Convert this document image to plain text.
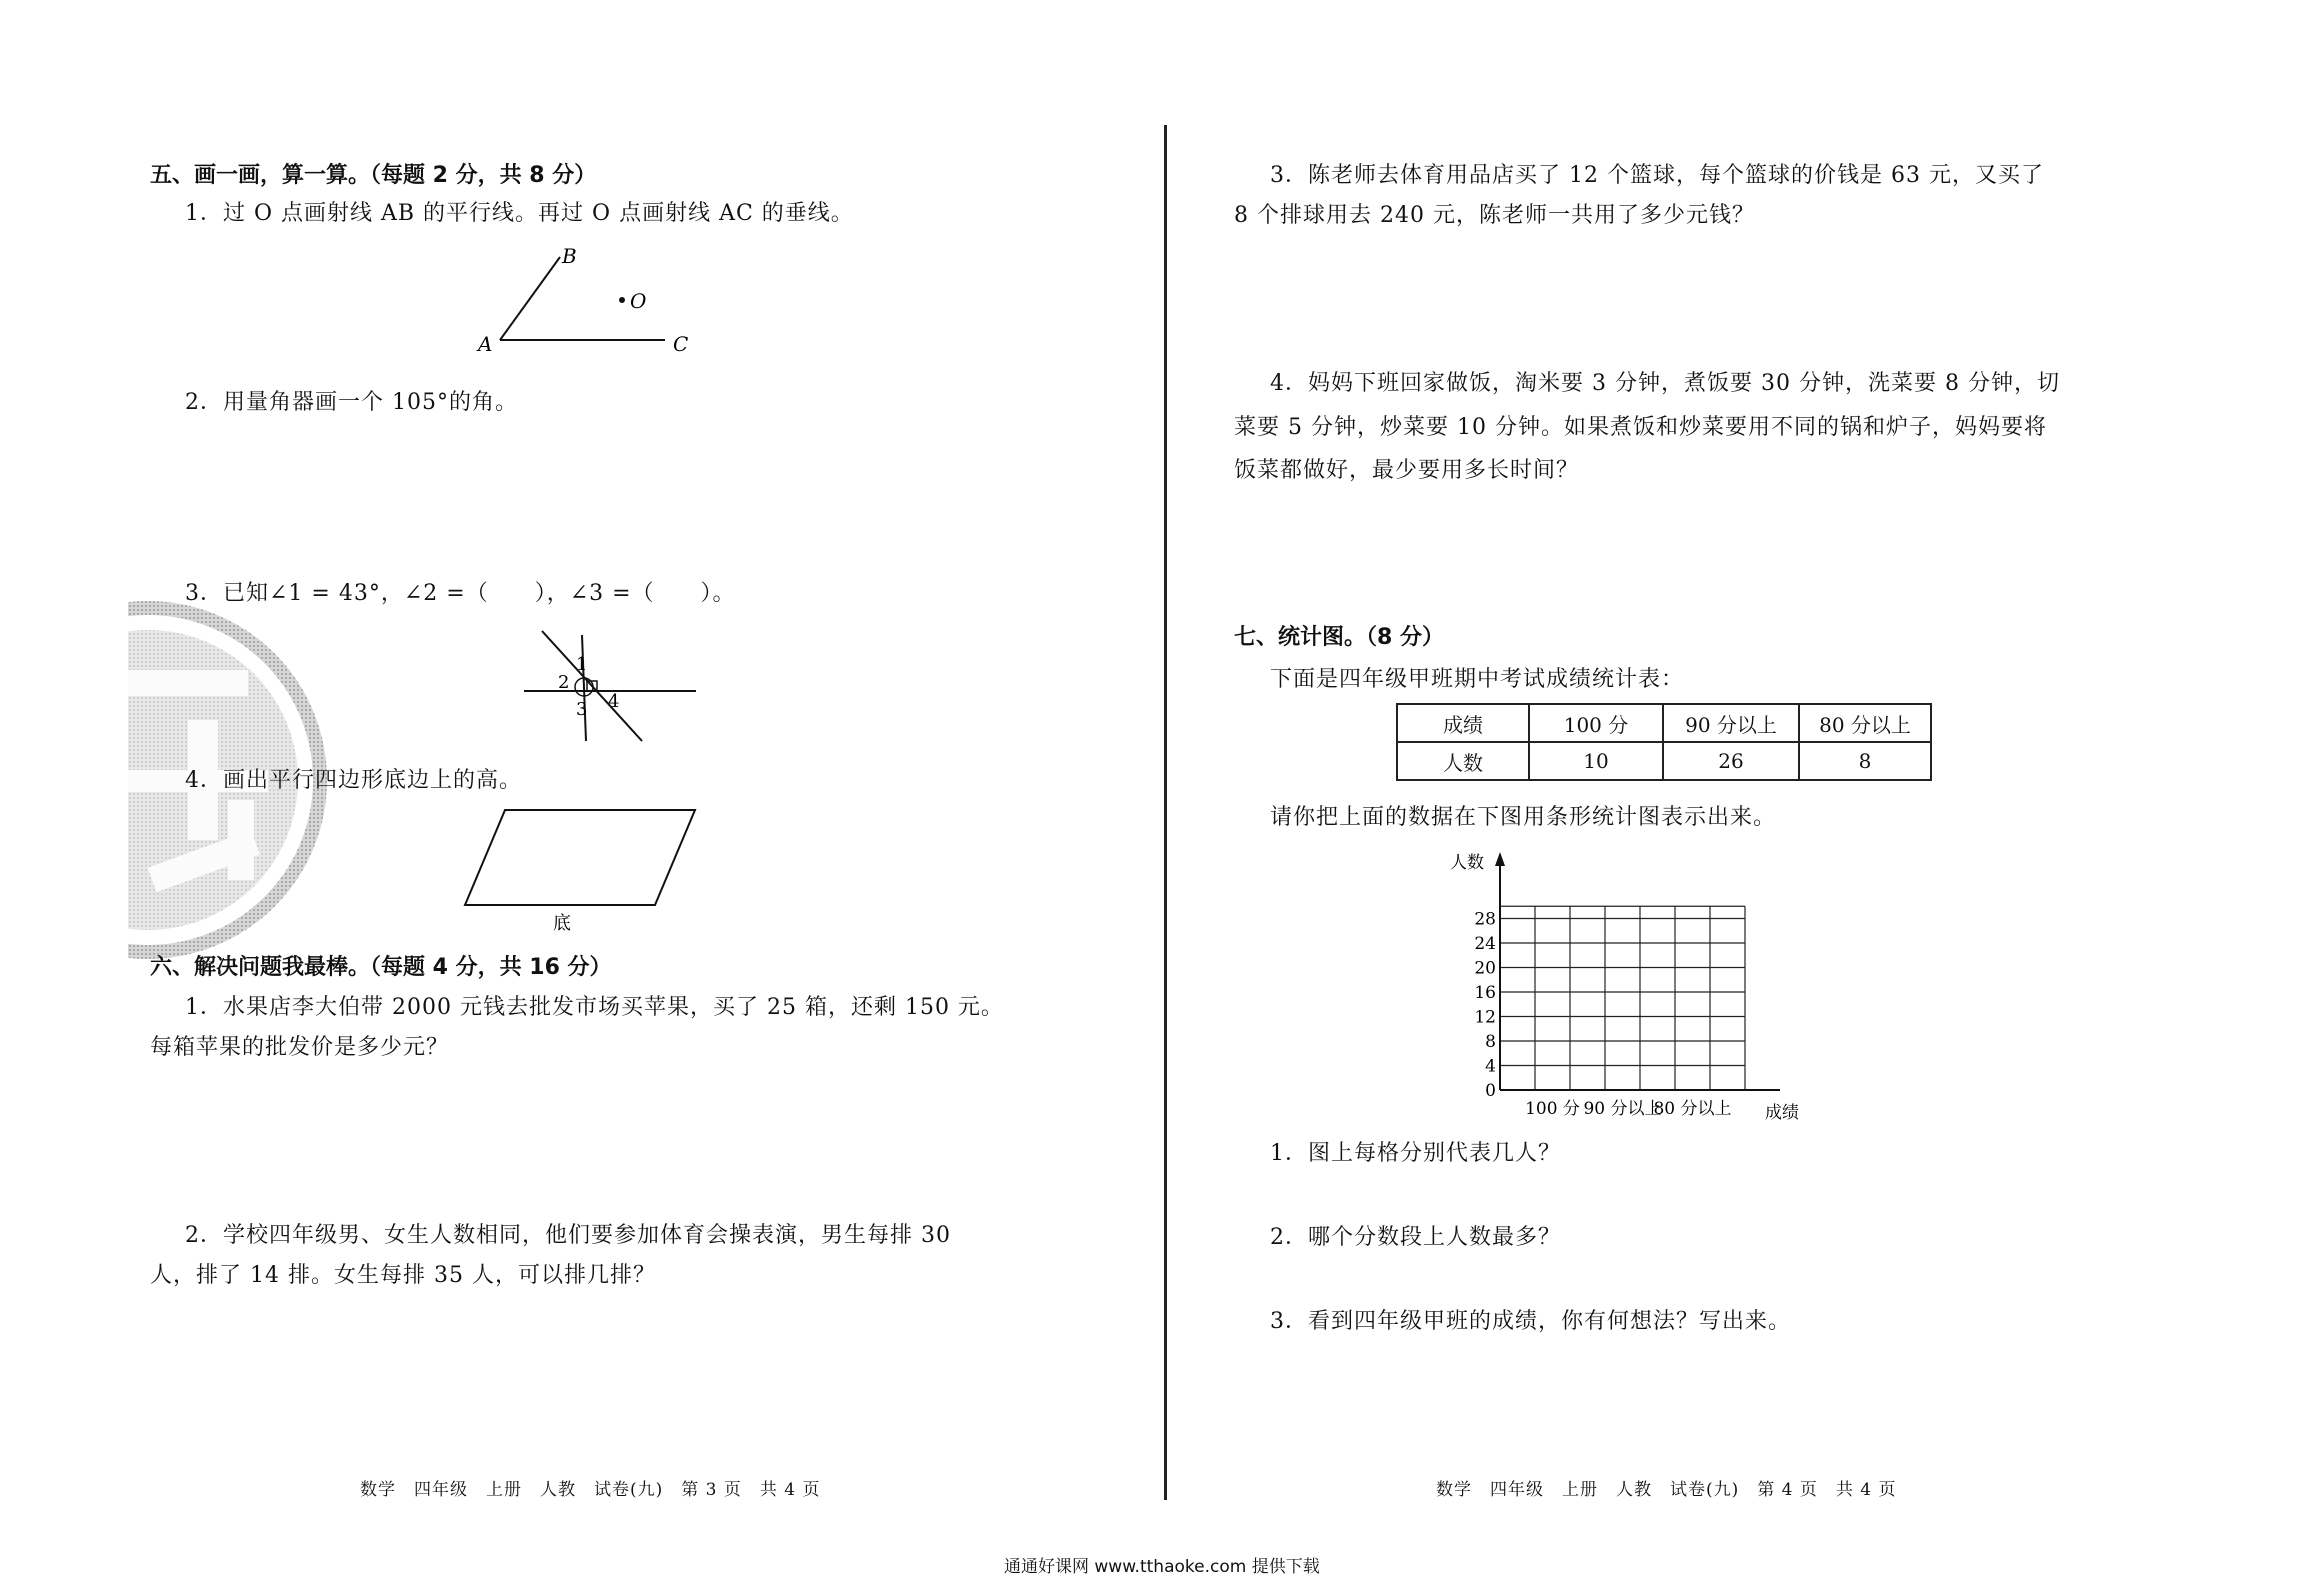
五、画一画，算一算。（每题 2 分，共 8 分）
1．过 O 点画射线 AB 的平行线。再过 O 点画射线 AC 的垂线。
A
B
C
O
2．用量角器画一个 105°的角。
3．已知∠1 = 43°，∠2 =（　　），∠3 =（　　）。
1
2
3 4
4．画出平行四边形底边上的高。
底
六、解决问题我最棒。（每题 4 分，共 16 分）
1．水果店李大伯带 2000 元钱去批发市场买苹果，买了 25 箱，还剩 150 元。
每箱苹果的批发价是多少元？
2．学校四年级男、女生人数相同，他们要参加体育会操表演，男生每排 30
人，排了 14 排。女生每排 35 人，可以排几排？
数学　四年级　上册　人教　试卷(九)　第 3 页　共 4 页
3．陈老师去体育用品店买了 12 个篮球，每个篮球的价钱是 63 元，又买了
8 个排球用去 240 元，陈老师一共用了多少元钱？
4．妈妈下班回家做饭，淘米要 3 分钟，煮饭要 30 分钟，洗菜要 8 分钟，切
菜要 5 分钟，炒菜要 10 分钟。如果煮饭和炒菜要用不同的锅和炉子，妈妈要将
饭菜都做好，最少要用多长时间？
七、统计图。（8 分）
下面是四年级甲班期中考试成绩统计表：
成绩	100 分	90 分以上	80 分以上
人数	10	26	8
请你把上面的数据在下图用条形统计图表示出来。
0
4
8
12
16
20
24
28
人数
成绩
100 分 90 分以上
80 分以上
1．图上每格分别代表几人？
2．哪个分数段上人数最多？
3．看到四年级甲班的成绩，你有何想法？写出来。
数学　四年级　上册　人教　试卷(九)　第 4 页　共 4 页
通通好课网 www.tthaoke.com 提供下载
